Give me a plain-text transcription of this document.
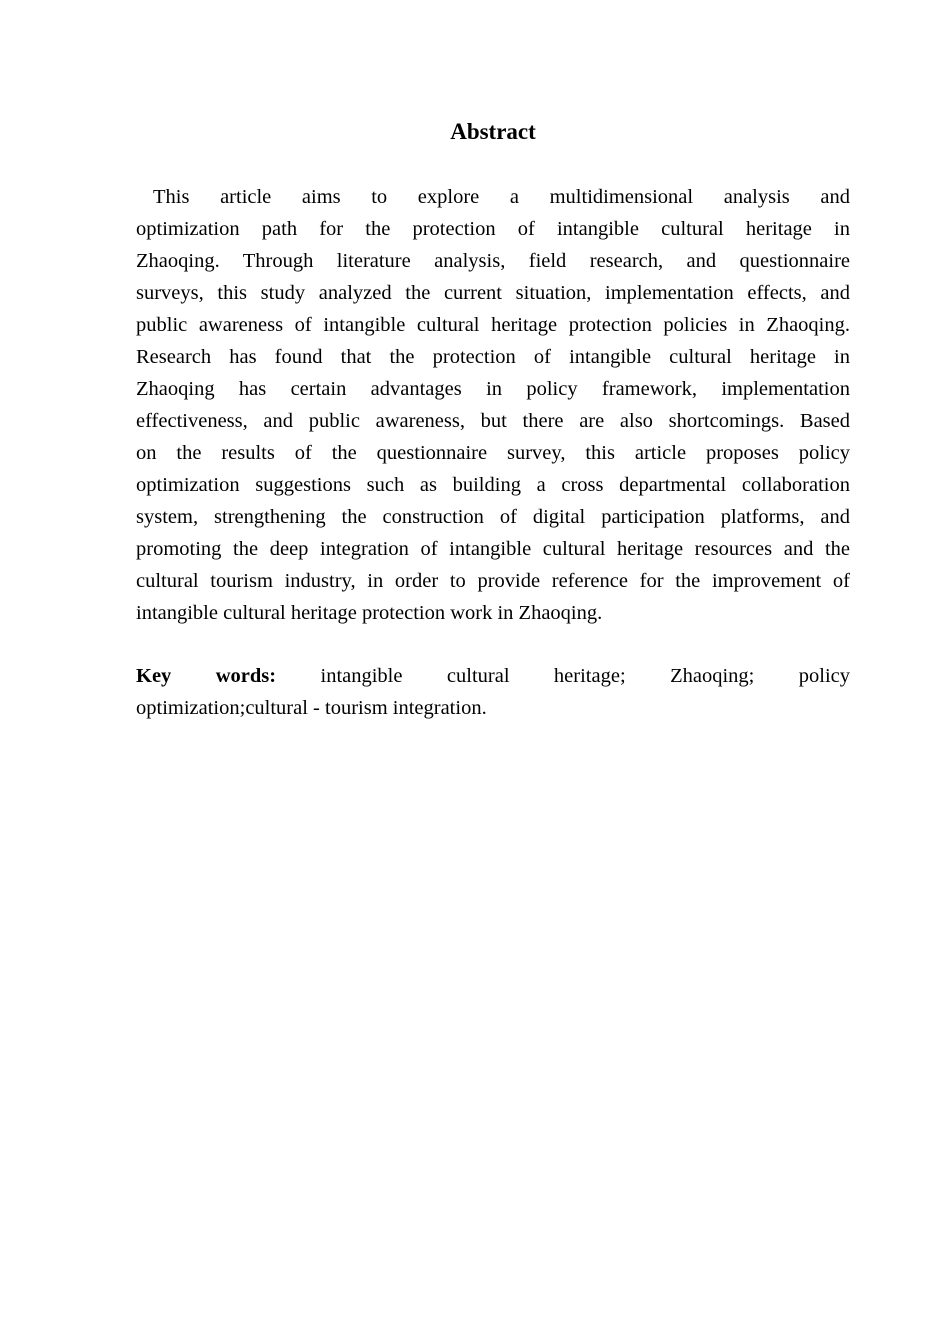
Abstract
This article aims to explore a multidimensional analysis and
optimization path for the protection of intangible cultural heritage in
Zhaoqing. Through literature analysis, field research, and questionnaire
surveys, this study analyzed the current situation, implementation effects, and
public awareness of intangible cultural heritage protection policies in Zhaoqing.
Research has found that the protection of intangible cultural heritage in
Zhaoqing has certain advantages in policy framework, implementation
effectiveness, and public awareness, but there are also shortcomings. Based
on the results of the questionnaire survey, this article proposes policy
optimization suggestions such as building a cross departmental collaboration
system, strengthening the construction of digital participation platforms, and
promoting the deep integration of intangible cultural heritage resources and the
cultural tourism industry, in order to provide reference for the improvement of
intangible cultural heritage protection work in Zhaoqing.
Key words: intangible cultural heritage; Zhaoqing; policy
optimization;cultural - tourism integration.
